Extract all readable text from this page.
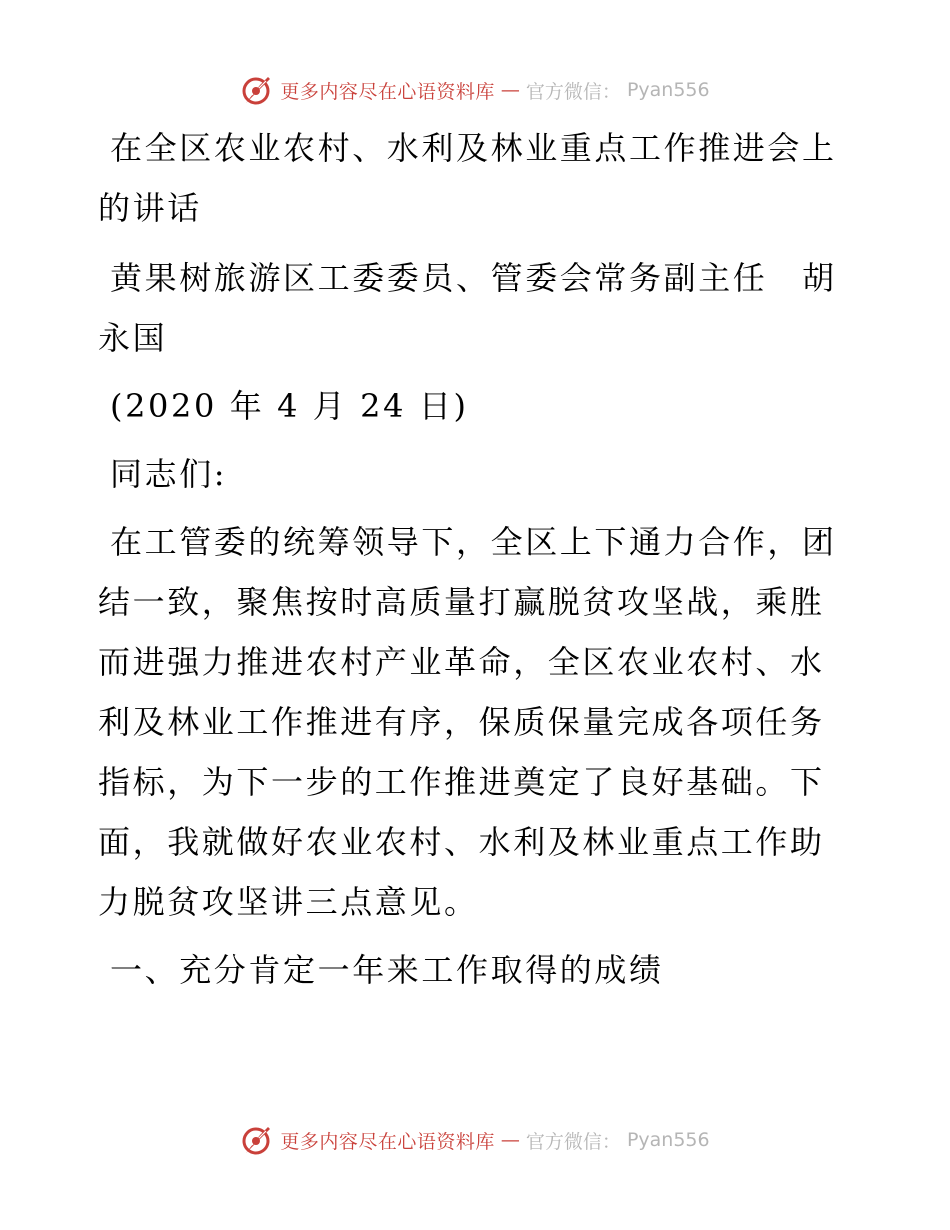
更多内容尽在心语资料库 — 官方微信： Pyan556

在全区农业农村、水利及林业重点工作推进会上的讲话

黄果树旅游区工委委员、管委会常务副主任　胡永国

(2020 年 4 月 24 日)

同志们:

在工管委的统筹领导下，全区上下通力合作，团结一致，聚焦按时高质量打赢脱贫攻坚战，乘胜而进强力推进农村产业革命，全区农业农村、水利及林业工作推进有序，保质保量完成各项任务指标，为下一步的工作推进奠定了良好基础。下面，我就做好农业农村、水利及林业重点工作助力脱贫攻坚讲三点意见。

一、充分肯定一年来工作取得的成绩

更多内容尽在心语资料库 — 官方微信： Pyan556
